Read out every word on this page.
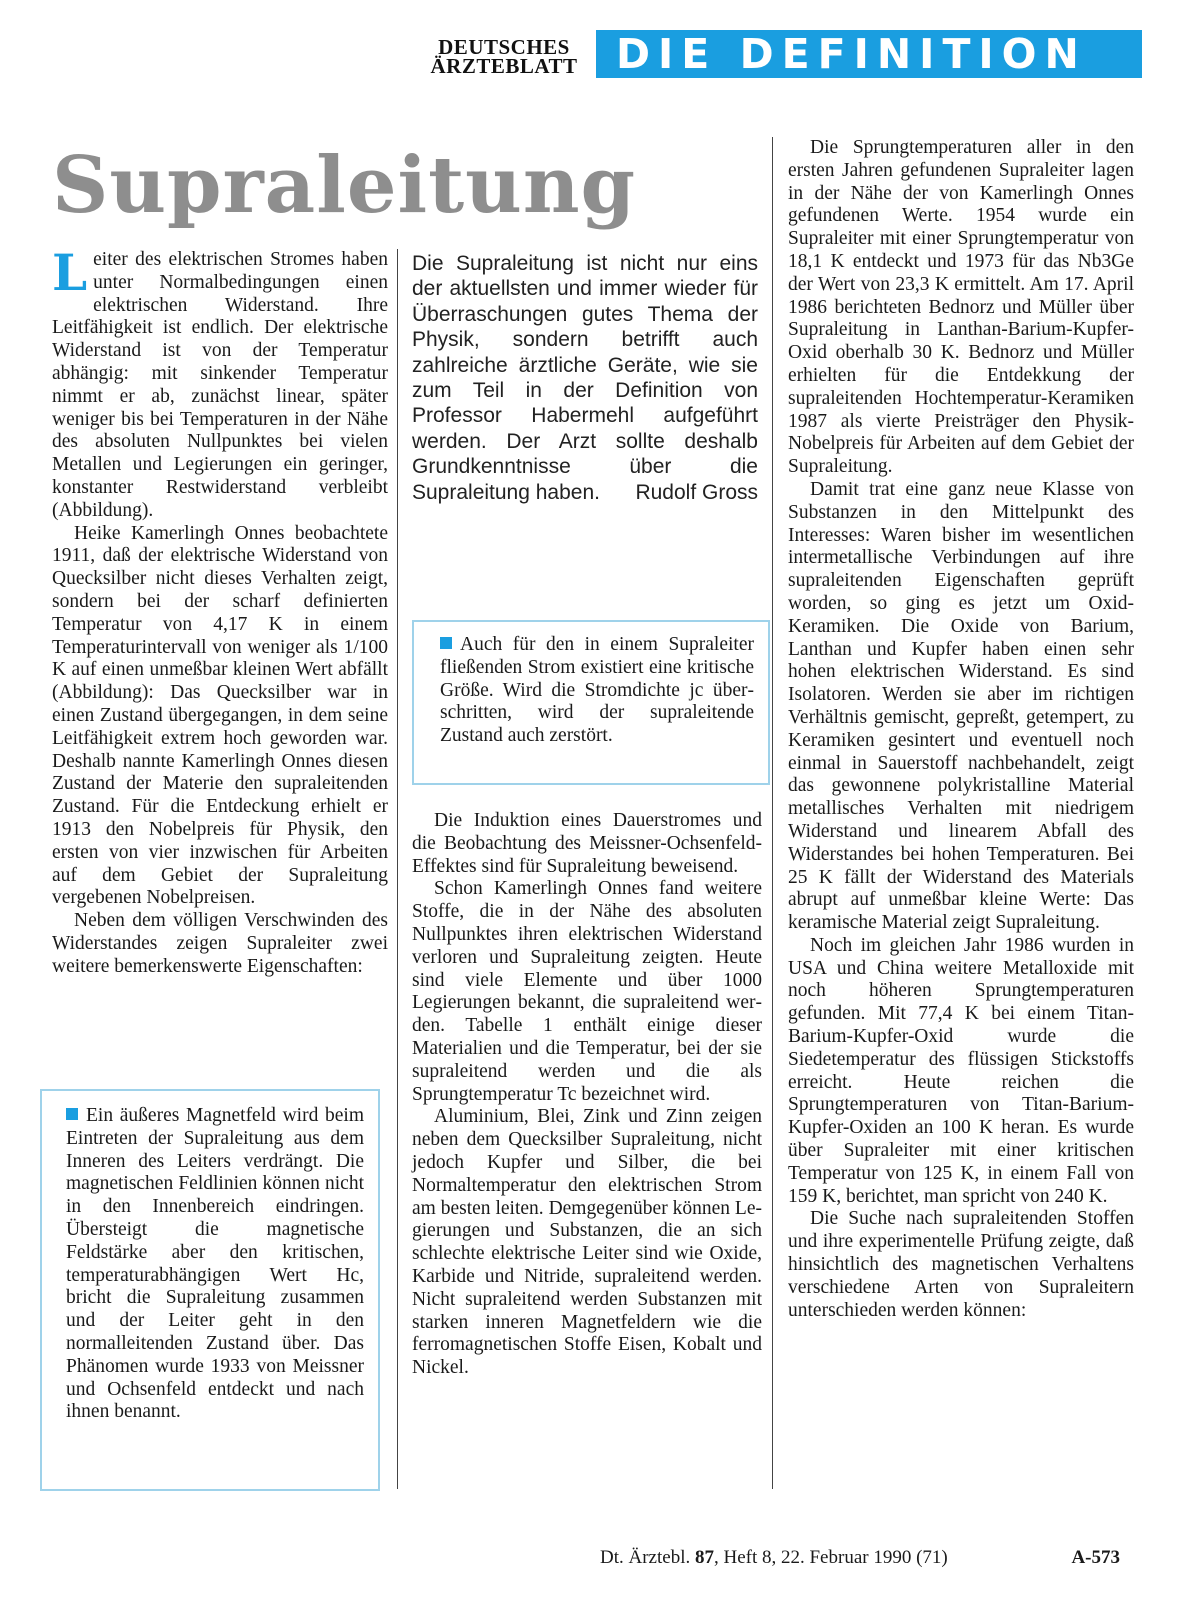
DEUTSCHES
ÄRZTEBLATT DIE DEFINITION
Supraleitung

L eiter des elektrischen Stromes haben unter Normalbedingungen einen elektrischen Widerstand. Ihre Leitfähigkeit ist endlich. Der elektrische Widerstand ist von der Temperatur abhängig: mit sinkender Temperatur nimmt er ab, zunächst linear, später weniger bis bei Temperaturen in der Nähe des absoluten Nullpunktes bei vielen Metallen und Legierungen ein geringer, konstanter Restwiderstand verbleibt (Abbildung).

Heike Kamerlingh Onnes beobachtete 1911, daß der elektrische Widerstand von Quecksilber nicht dieses Verhalten zeigt, sondern bei der scharf definierten Temperatur von 4,17 K in einem Temperaturintervall von weniger als 1/100 K auf einen unmeßbar kleinen Wert abfällt (Abbildung): Das Quecksilber war in einen Zustand übergegangen, in dem seine Leitfähigkeit extrem hoch geworden war. Deshalb nannte Kamerlingh Onnes diesen Zustand der Materie den supraleitenden Zustand. Für die Entdeckung erhielt er 1913 den Nobelpreis für Physik, den ersten von vier inzwischen für Arbeiten auf dem Gebiet der Supraleitung vergebenen Nobelpreisen.

Neben dem völligen Verschwinden des Widerstandes zeigen Supraleiter zwei weitere bemerkenswerte Eigenschaften:

Die Supraleitung ist nicht nur eins der aktuellsten und immer wieder für Überraschungen gutes Thema der Physik, sondern betrifft auch zahlreiche ärztliche Geräte, wie sie zum Teil in der Definition von Professor Habermehl aufgeführt werden. Der Arzt sollte deshalb Grundkenntnisse über die Supraleitung haben.	Rudolf Gross

Auch für den in einem Supraleiter fließenden Strom existiert eine kritische Größe. Wird die Stromdichte jc überschritten, wird der supraleitende Zustand auch zerstört.

Die Induktion eines Dauerstromes und die Beobachtung des Meissner-Ochsenfeld-Effektes sind für Supraleitung beweisend.

Schon Kamerlingh Onnes fand weitere Stoffe, die in der Nähe des absoluten Nullpunktes ihren elektrischen Widerstand verloren und Supraleitung zeigten. Heute sind viele Elemente und über 1000 Legierungen bekannt, die supraleitend werden. Tabelle 1 enthält einige dieser Materialien und die Temperatur, bei der sie supraleitend werden und die als Sprungtemperatur Tc bezeichnet wird.

Aluminium, Blei, Zink und Zinn zeigen neben dem Quecksilber Supraleitung, nicht jedoch Kupfer und Silber, die bei Normaltemperatur den elektrischen Strom am besten leiten. Demgegenüber können Legierungen und Substanzen, die an sich schlechte elektrische Leiter sind wie Oxide, Karbide und Nitride, supraleitend werden. Nicht supraleitend werden Substanzen mit starken inneren Magnetfeldern wie die ferromagnetischen Stoffe Eisen, Kobalt und Nickel.

Ein äußeres Magnetfeld wird beim Eintreten der Supraleitung aus dem Inneren des Leiters verdrängt. Die magnetischen Feldlinien können nicht in den Innenbereich eindringen. Übersteigt die magnetische Feldstärke aber den kritischen, temperaturabhängigen Wert Hc, bricht die Supraleitung zusammen und der Leiter geht in den normalleitenden Zustand über. Das Phänomen wurde 1933 von Meissner und Ochsenfeld entdeckt und nach ihnen benannt.

Die Sprungtemperaturen aller in den ersten Jahren gefundenen Supraleiter lagen in der Nähe der von Kamerlingh Onnes gefundenen Werte. 1954 wurde ein Supraleiter mit einer Sprungtemperatur von 18,1 K entdeckt und 1973 für das Nb3Ge der Wert von 23,3 K ermittelt. Am 17. April 1986 berichteten Bednorz und Müller über Supraleitung in Lanthan-Barium-Kupfer-Oxid oberhalb 30 K. Bednorz und Müller erhielten für die Entdekkung der supraleitenden Hochtemperatur-Keramiken 1987 als vierte Preisträger den Physik-Nobelpreis für Arbeiten auf dem Gebiet der Supraleitung.

Damit trat eine ganz neue Klasse von Substanzen in den Mittelpunkt des Interesses: Waren bisher im wesentlichen intermetallische Verbindungen auf ihre supraleitenden Eigenschaften geprüft worden, so ging es jetzt um Oxid-Keramiken. Die Oxide von Barium, Lanthan und Kupfer haben einen sehr hohen elektrischen Widerstand. Es sind Isolatoren. Werden sie aber im richtigen Verhältnis gemischt, gepreßt, getempert, zu Keramiken gesintert und eventuell noch einmal in Sauerstoff nachbehandelt, zeigt das gewonnene polykristalline Material metallisches Verhalten mit niedrigem Widerstand und linearem Abfall des Widerstandes bei hohen Temperaturen. Bei 25 K fällt der Widerstand des Materials abrupt auf unmeßbar kleine Werte: Das keramische Material zeigt Supraleitung.

Noch im gleichen Jahr 1986 wurden in USA und China weitere Metalloxide mit noch höheren Sprungtemperaturen gefunden. Mit 77,4 K bei einem Titan-Barium-Kupfer-Oxid wurde die Siedetemperatur des flüssigen Stickstoffs erreicht. Heute reichen die Sprungtemperaturen von Titan-Barium-Kupfer-Oxiden an 100 K heran. Es wurde über Supraleiter mit einer kritischen Temperatur von 125 K, in einem Fall von 159 K, berichtet, man spricht von 240 K.

Die Suche nach supraleitenden Stoffen und ihre experimentelle Prüfung zeigte, daß hinsichtlich des magnetischen Verhaltens verschiedene Arten von Supraleitern unterschieden werden können:

Dt. Ärztebl. 87, Heft 8, 22. Februar 1990 (71)	A-573
